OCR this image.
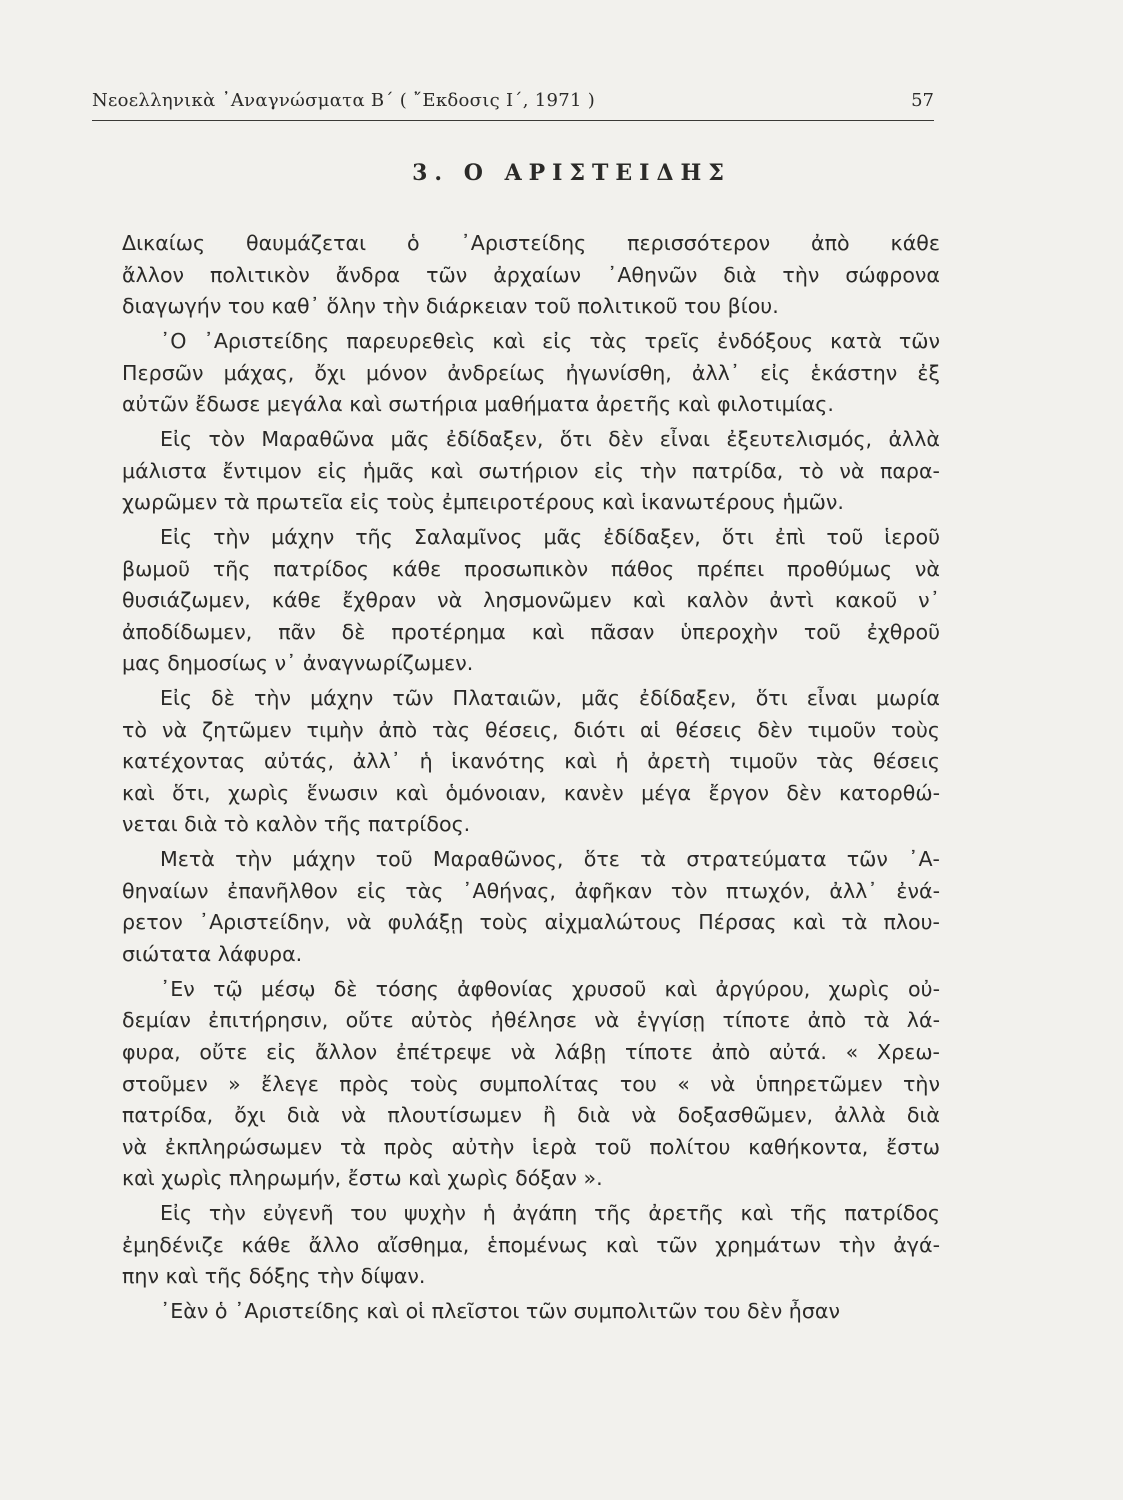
Νεοελληνικὰ ᾽Αναγνώσματα Β´ ( ῎Εκδοσις Ι´, 1971 )	57
3. Ο ΑΡΙΣΤΕΙΔΗΣ
Δικαίως θαυμάζεται ὁ ᾽Αριστείδης περισσότερον ἀπὸ κάθε
ἄλλον πολιτικὸν ἄνδρα τῶν ἀρχαίων ᾽Αθηνῶν διὰ τὴν σώφρονα
διαγωγήν του καθ᾽ ὅλην τὴν διάρκειαν τοῦ πολιτικοῦ του βίου.
᾽Ο ᾽Αριστείδης παρευρεθεὶς καὶ εἰς τὰς τρεῖς ἐνδόξους κατὰ τῶν
Περσῶν μάχας, ὄχι μόνον ἀνδρείως ἠγωνίσθη, ἀλλ᾽ εἰς ἑκάστην ἐξ
αὐτῶν ἔδωσε μεγάλα καὶ σωτήρια μαθήματα ἀρετῆς καὶ φιλοτιμίας.
Εἰς τὸν Μαραθῶνα μᾶς ἐδίδαξεν, ὅτι δὲν εἶναι ἐξευτελισμός, ἀλλὰ
μάλιστα ἔντιμον εἰς ἡμᾶς καὶ σωτήριον εἰς τὴν πατρίδα, τὸ νὰ παρα-
χωρῶμεν τὰ πρωτεῖα εἰς τοὺς ἐμπειροτέρους καὶ ἱκανωτέρους ἡμῶν.
Εἰς τὴν μάχην τῆς Σαλαμῖνος μᾶς ἐδίδαξεν, ὅτι ἐπὶ τοῦ ἱεροῦ
βωμοῦ τῆς πατρίδος κάθε προσωπικὸν πάθος πρέπει προθύμως νὰ
θυσιάζωμεν, κάθε ἔχθραν νὰ λησμονῶμεν καὶ καλὸν ἀντὶ κακοῦ ν᾽
ἀποδίδωμεν, πᾶν δὲ προτέρημα καὶ πᾶσαν ὑπεροχὴν τοῦ ἐχθροῦ
μας δημοσίως ν᾽ ἀναγνωρίζωμεν.
Εἰς δὲ τὴν μάχην τῶν Πλαταιῶν, μᾶς ἐδίδαξεν, ὅτι εἶναι μωρία
τὸ νὰ ζητῶμεν τιμὴν ἀπὸ τὰς θέσεις, διότι αἱ θέσεις δὲν τιμοῦν τοὺς
κατέχοντας αὐτάς, ἀλλ᾽ ἡ ἱκανότης καὶ ἡ ἀρετὴ τιμοῦν τὰς θέσεις
καὶ ὅτι, χωρὶς ἕνωσιν καὶ ὁμόνοιαν, κανὲν μέγα ἔργον δὲν κατορθώ-
νεται διὰ τὸ καλὸν τῆς πατρίδος.
Μετὰ τὴν μάχην τοῦ Μαραθῶνος, ὅτε τὰ στρατεύματα τῶν ᾽Α-
θηναίων ἐπανῆλθον εἰς τὰς ᾽Αθήνας, ἀφῆκαν τὸν πτωχόν, ἀλλ᾽ ἐνά-
ρετον ᾽Αριστείδην, νὰ φυλάξῃ τοὺς αἰχμαλώτους Πέρσας καὶ τὰ πλου-
σιώτατα λάφυρα.
᾽Εν τῷ μέσῳ δὲ τόσης ἀφθονίας χρυσοῦ καὶ ἀργύρου, χωρὶς οὐ-
δεμίαν ἐπιτήρησιν, οὔτε αὐτὸς ἠθέλησε νὰ ἐγγίσῃ τίποτε ἀπὸ τὰ λά-
φυρα, οὔτε εἰς ἄλλον ἐπέτρεψε νὰ λάβῃ τίποτε ἀπὸ αὐτά. « Χρεω-
στοῦμεν » ἔλεγε πρὸς τοὺς συμπολίτας του « νὰ ὑπηρετῶμεν τὴν
πατρίδα, ὄχι διὰ νὰ πλουτίσωμεν ἢ διὰ νὰ δοξασθῶμεν, ἀλλὰ διὰ
νὰ ἐκπληρώσωμεν τὰ πρὸς αὐτὴν ἱερὰ τοῦ πολίτου καθήκοντα, ἔστω
καὶ χωρὶς πληρωμήν, ἔστω καὶ χωρὶς δόξαν ».
Εἰς τὴν εὐγενῆ του ψυχὴν ἡ ἀγάπη τῆς ἀρετῆς καὶ τῆς πατρίδος
ἐμηδένιζε κάθε ἄλλο αἴσθημα, ἑπομένως καὶ τῶν χρημάτων τὴν ἀγά-
πην καὶ τῆς δόξης τὴν δίψαν.
᾽Εὰν ὁ ᾽Αριστείδης καὶ οἱ πλεῖστοι τῶν συμπολιτῶν του δὲν ἦσαν
